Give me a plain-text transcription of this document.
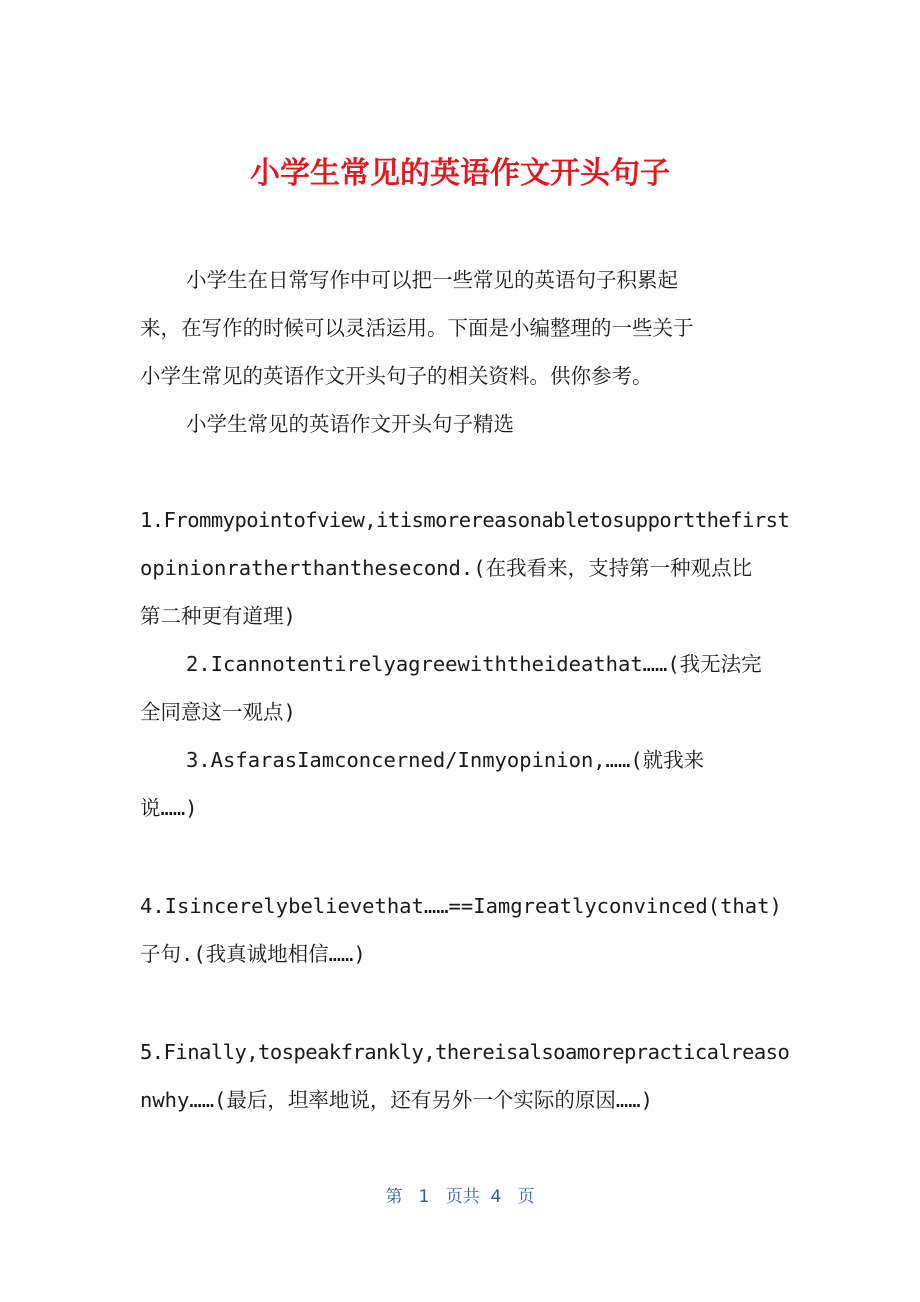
小学生常见的英语作文开头句子
小学生在日常写作中可以把一些常见的英语句子积累起
来，在写作的时候可以灵活运用。下面是小编整理的一些关于
小学生常见的英语作文开头句子的相关资料。供你参考。
小学生常见的英语作文开头句子精选
1.Frommypointofview,itismorereasonabletosupportthefirst
opinionratherthanthesecond.(在我看来，支持第一种观点比
第二种更有道理)
2.Icannotentirelyagreewiththeideathat……(我无法完
全同意这一观点)
3.AsfarasIamconcerned/Inmyopinion,……(就我来
说……)
4.Isincerelybelievethat……==Iamgreatlyconvinced(that)
子句.(我真诚地相信……)
5.Finally,tospeakfrankly,thereisalsoamorepracticalreaso
nwhy……(最后，坦率地说，还有另外一个实际的原因……)
第 1 页共 4 页
